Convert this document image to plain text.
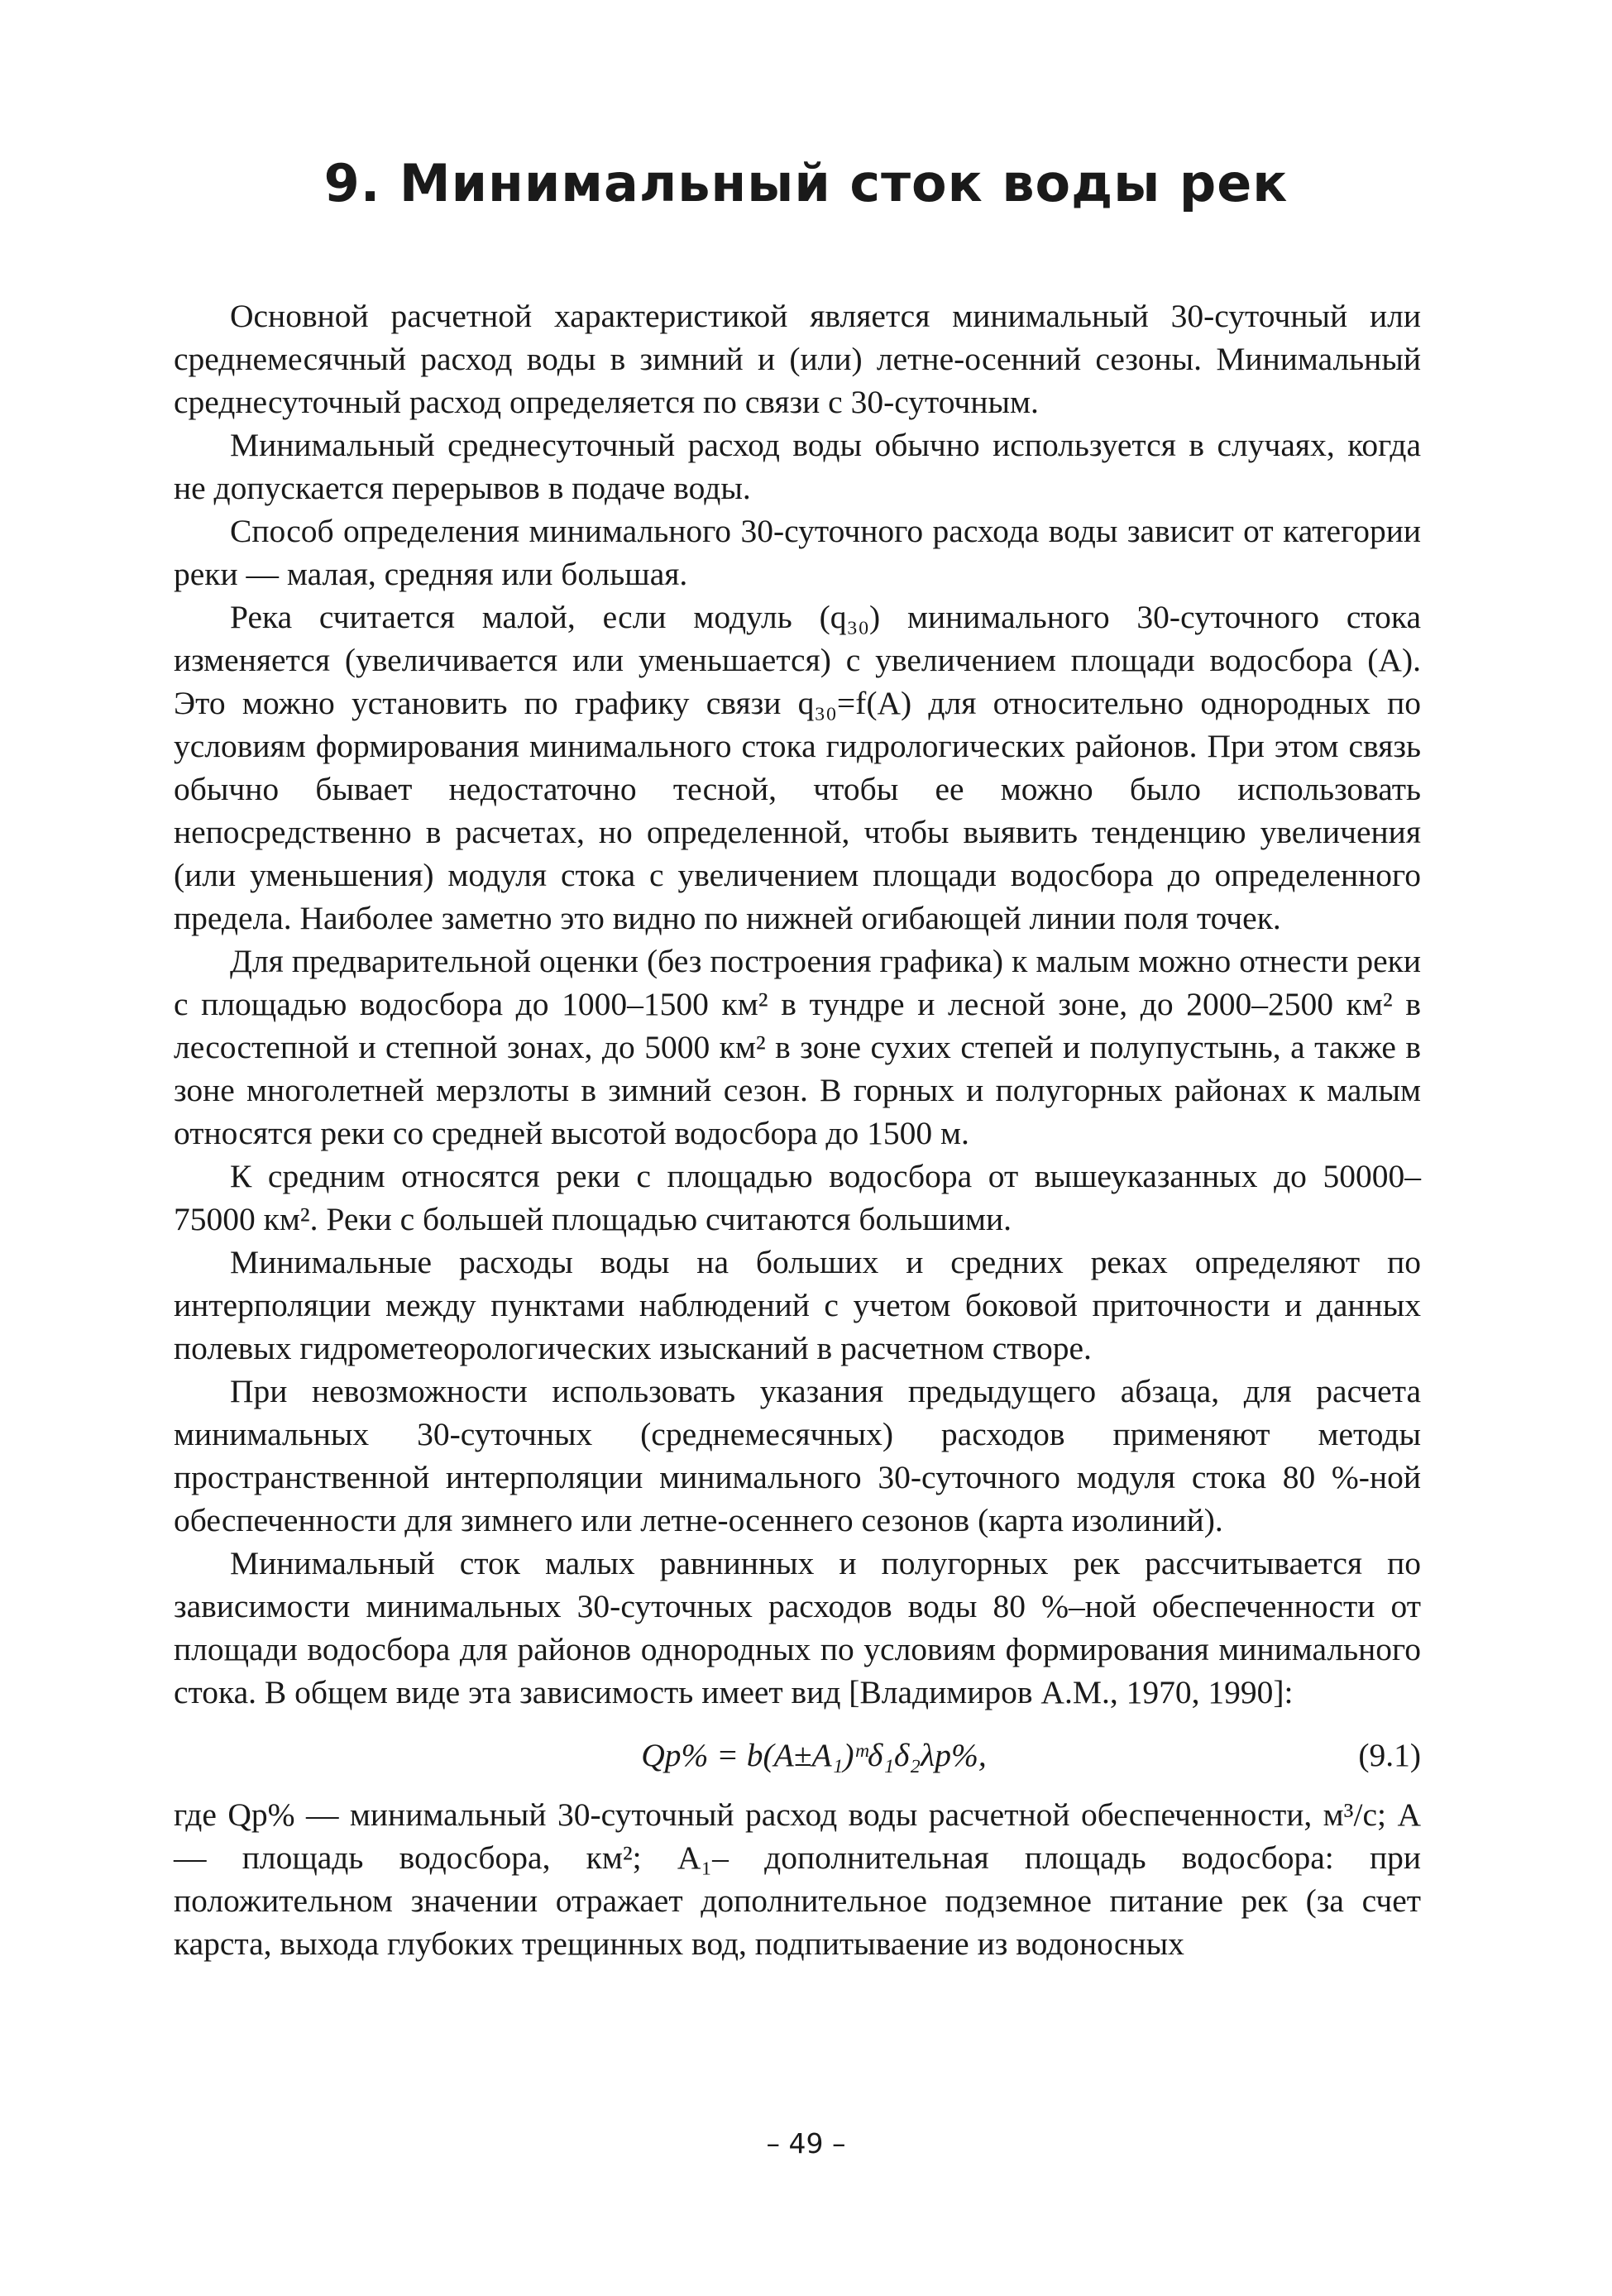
9. Минимальный сток воды рек

Основной расчетной характеристикой является минимальный 30-суточный или среднемесячный расход воды в зимний и (или) летне-осенний сезоны. Минимальный среднесуточный расход определяется по связи с 30-суточным.

Минимальный среднесуточный расход воды обычно используется в случаях, когда не допускается перерывов в подаче воды.

Способ определения минимального 30-суточного расхода воды зависит от категории реки — малая, средняя или большая.

Река считается малой, если модуль (q₃₀) минимального 30-суточного стока изменяется (увеличивается или уменьшается) с увеличением площади водосбора (A). Это можно установить по графику связи q₃₀=f(A) для относительно однородных по условиям формирования минимального стока гидрологических районов. При этом связь обычно бывает недостаточно тесной, чтобы ее можно было использовать непосредственно в расчетах, но определенной, чтобы выявить тенденцию увеличения (или уменьшения) модуля стока с увеличением площади водосбора до определенного предела. Наиболее заметно это видно по нижней огибающей линии поля точек.

Для предварительной оценки (без построения графика) к малым можно отнести реки с площадью водосбора до 1000–1500 км² в тундре и лесной зоне, до 2000–2500 км² в лесостепной и степной зонах, до 5000 км² в зоне сухих степей и полупустынь, а также в зоне многолетней мерзлоты в зимний сезон. В горных и полугорных районах к малым относятся реки со средней высотой водосбора до 1500 м.

К средним относятся реки с площадью водосбора от вышеуказанных до 50000–75000 км². Реки с большей площадью считаются большими.

Минимальные расходы воды на больших и средних реках определяют по интерполяции между пунктами наблюдений с учетом боковой приточности и данных полевых гидрометеорологических изысканий в расчетном створе.

При невозможности использовать указания предыдущего абзаца, для расчета минимальных 30-суточных (среднемесячных) расходов применяют методы пространственной интерполяции минимального 30-суточного модуля стока 80 %-ной обеспеченности для зимнего или летне-осеннего сезонов (карта изолиний).

Минимальный сток малых равнинных и полугорных рек рассчитывается по зависимости минимальных 30-суточных расходов воды 80 %–ной обеспеченности от площади водосбора для районов однородных по условиям формирования минимального стока. В общем виде эта зависимость имеет вид [Владимиров А.М., 1970, 1990]:

Qp% = b(A±A₁)ᵐδ₁δ₂λp%,	(9.1)

где Qp% — минимальный 30-суточный расход воды расчетной обеспеченности, м³/с; A — площадь водосбора, км²; A₁– дополнительная площадь водосбора: при положительном значении отражает дополнительное подземное питание рек (за счет карста, выхода глубоких трещинных вод, подпитываение из водоносных

– 49 –
